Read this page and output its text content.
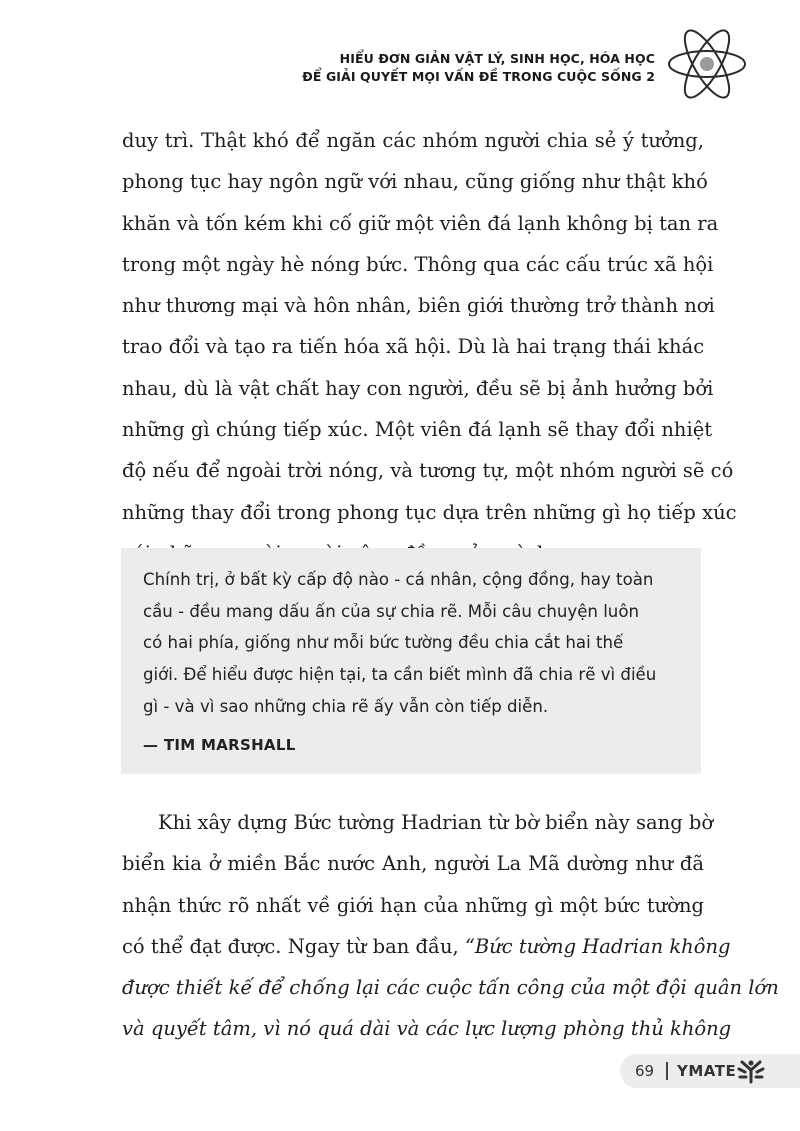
HIỂU ĐƠN GIẢN VẬT LÝ, SINH HỌC, HÓA HỌC
ĐỂ GIẢI QUYẾT MỌI VẤN ĐỀ TRONG CUỘC SỐNG 2
duy trì. Thật khó để ngăn các nhóm người chia sẻ ý tưởng,
phong tục hay ngôn ngữ với nhau, cũng giống như thật khó
khăn và tốn kém khi cố giữ một viên đá lạnh không bị tan ra
trong một ngày hè nóng bức. Thông qua các cấu trúc xã hội
như thương mại và hôn nhân, biên giới thường trở thành nơi
trao đổi và tạo ra tiến hóa xã hội. Dù là hai trạng thái khác
nhau, dù là vật chất hay con người, đều sẽ bị ảnh hưởng bởi
những gì chúng tiếp xúc. Một viên đá lạnh sẽ thay đổi nhiệt
độ nếu để ngoài trời nóng, và tương tự, một nhóm người sẽ có
những thay đổi trong phong tục dựa trên những gì họ tiếp xúc
Chính trị, ở bất kỳ cấp độ nào - cá nhân, cộng đồng, hay toàn
cầu - đều mang dấu ấn của sự chia rẽ. Mỗi câu chuyện luôn
có hai phía, giống như mỗi bức tường đều chia cắt hai thế
giới. Để hiểu được hiện tại, ta cần biết mình đã chia rẽ vì điều
gì - và vì sao những chia rẽ ấy vẫn còn tiếp diễn.
— TIM MARSHALL
Khi xây dựng Bức tường Hadrian từ bờ biển này sang bờ
biển kia ở miền Bắc nước Anh, người La Mã dường như đã
nhận thức rõ nhất về giới hạn của những gì một bức tường
có thể đạt được. Ngay từ ban đầu, “Bức tường Hadrian không
được thiết kế để chống lại các cuộc tấn công của một đội quân lớn
và quyết tâm, vì nó quá dài và các lực lượng phòng thủ không
69 YMATE
